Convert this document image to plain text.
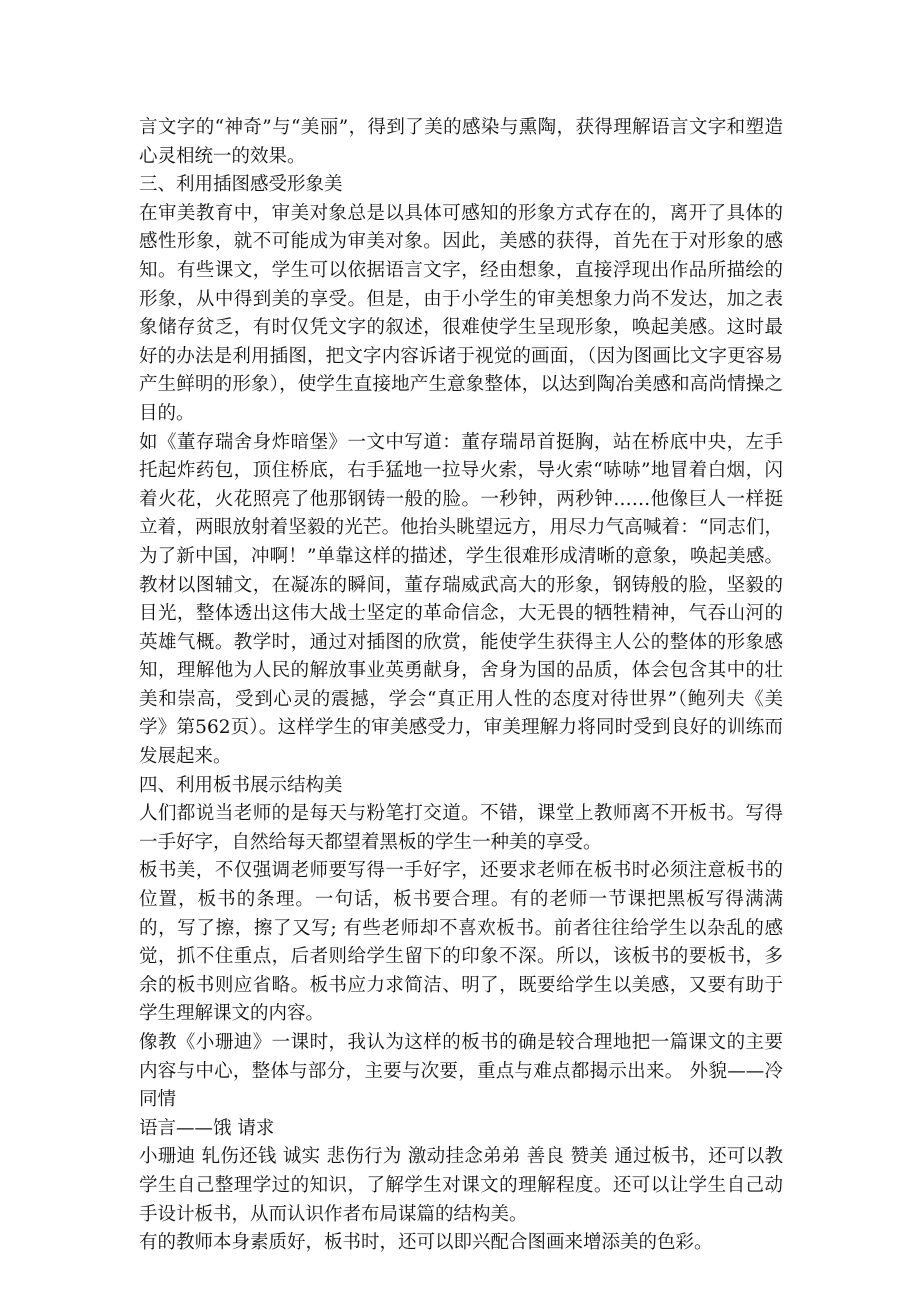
言文字的“神奇”与“美丽”，得到了美的感染与熏陶，获得理解语言文字和塑造心灵相统一的效果。

三、利用插图感受形象美

在审美教育中，审美对象总是以具体可感知的形象方式存在的，离开了具体的感性形象，就不可能成为审美对象。因此，美感的获得，首先在于对形象的感知。有些课文，学生可以依据语言文字，经由想象，直接浮现出作品所描绘的形象，从中得到美的享受。但是，由于小学生的审美想象力尚不发达，加之表象储存贫乏，有时仅凭文字的叙述，很难使学生呈现形象，唤起美感。这时最好的办法是利用插图，把文字内容诉诸于视觉的画面，（因为图画比文字更容易产生鲜明的形象），使学生直接地产生意象整体，以达到陶冶美感和高尚情操之目的。

如《董存瑞舍身炸暗堡》一文中写道：董存瑞昂首挺胸，站在桥底中央，左手托起炸药包，顶住桥底，右手猛地一拉导火索，导火索“哧哧”地冒着白烟，闪着火花，火花照亮了他那钢铸一般的脸。一秒钟，两秒钟……他像巨人一样挺立着，两眼放射着坚毅的光芒。他抬头眺望远方，用尽力气高喊着：“同志们，为了新中国，冲啊！”单靠这样的描述，学生很难形成清晰的意象，唤起美感。教材以图辅文，在凝冻的瞬间，董存瑞威武高大的形象，钢铸般的脸，坚毅的目光，整体透出这伟大战士坚定的革命信念，大无畏的牺牲精神，气吞山河的英雄气概。教学时，通过对插图的欣赏，能使学生获得主人公的整体的形象感知，理解他为人民的解放事业英勇献身，舍身为国的品质，体会包含其中的壮美和崇高，受到心灵的震撼，学会“真正用人性的态度对待世界”（鲍列夫《美学》第562页）。这样学生的审美感受力，审美理解力将同时受到良好的训练而发展起来。

四、利用板书展示结构美

人们都说当老师的是每天与粉笔打交道。不错，课堂上教师离不开板书。写得一手好字，自然给每天都望着黑板的学生一种美的享受。

板书美，不仅强调老师要写得一手好字，还要求老师在板书时必须注意板书的位置，板书的条理。一句话，板书要合理。有的老师一节课把黑板写得满满的，写了擦，擦了又写; 有些老师却不喜欢板书。前者往往给学生以杂乱的感觉，抓不住重点，后者则给学生留下的印象不深。所以，该板书的要板书，多余的板书则应省略。板书应力求简洁、明了，既要给学生以美感，又要有助于学生理解课文的内容。

像教《小珊迪》一课时，我认为这样的板书的确是较合理地把一篇课文的主要内容与中心，整体与部分，主要与次要，重点与难点都揭示出来。 外貌——冷 同情

语言——饿 请求

小珊迪 轧伤还钱 诚实 悲伤行为 激动挂念弟弟 善良 赞美 通过板书，还可以教学生自己整理学过的知识，了解学生对课文的理解程度。还可以让学生自己动手设计板书，从而认识作者布局谋篇的结构美。

有的教师本身素质好，板书时，还可以即兴配合图画来增添美的色彩。
